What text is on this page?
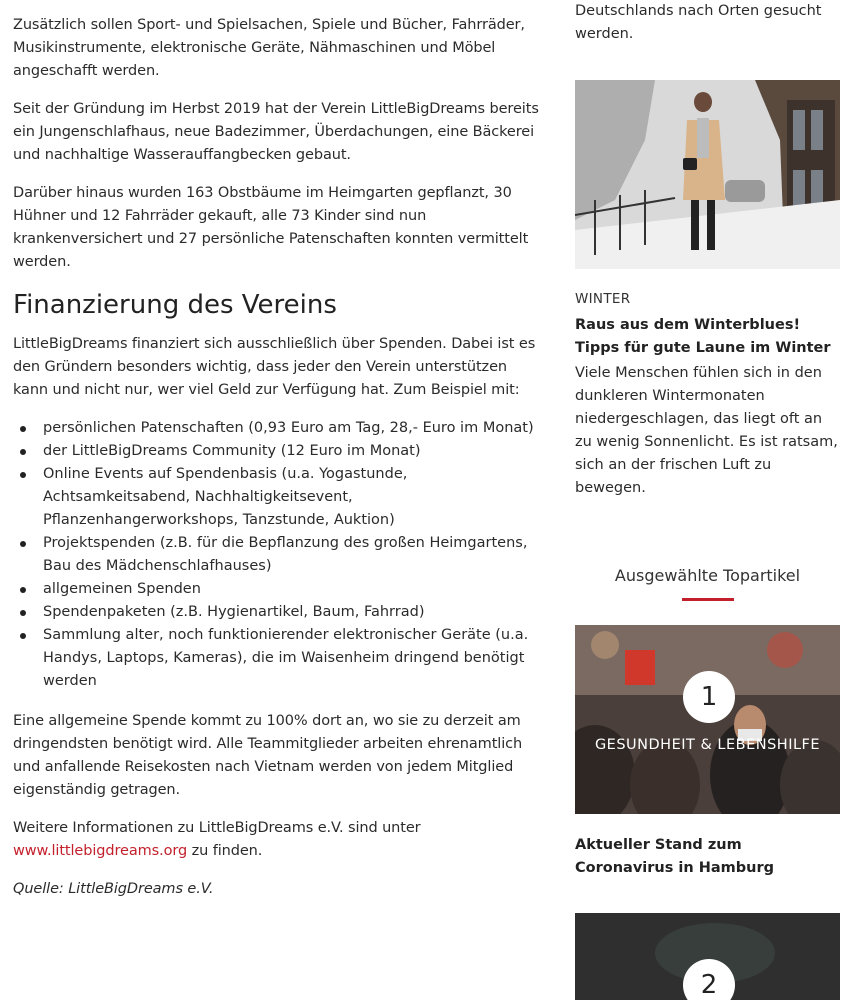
Zusätzlich sollen Sport- und Spielsachen, Spiele und Bücher, Fahrräder, Musikinstrumente, elektronische Geräte, Nähmaschinen und Möbel angeschafft werden.

Seit der Gründung im Herbst 2019 hat der Verein LittleBigDreams bereits ein Jungenschlafhaus, neue Badezimmer, Überdachungen, eine Bäckerei und nachhaltige Wasserauffangbecken gebaut.

Darüber hinaus wurden 163 Obstbäume im Heimgarten gepflanzt, 30 Hühner und 12 Fahrräder gekauft, alle 73 Kinder sind nun krankenversichert und 27 persönliche Patenschaften konnten vermittelt werden.

Finanzierung des Vereins

LittleBigDreams finanziert sich ausschließlich über Spenden. Dabei ist es den Gründern besonders wichtig, dass jeder den Verein unterstützen kann und nicht nur, wer viel Geld zur Verfügung hat. Zum Beispiel mit:

persönlichen Patenschaften (0,93 Euro am Tag, 28,- Euro im Monat)
der LittleBigDreams Community (12 Euro im Monat)
Online Events auf Spendenbasis (u.a. Yogastunde, Achtsamkeitsabend, Nachhaltigkeitsevent, Pflanzenhangerworkshops, Tanzstunde, Auktion)
Projektspenden (z.B. für die Bepflanzung des großen Heimgartens, Bau des Mädchenschlafhauses)
allgemeinen Spenden
Spendenpaketen (z.B. Hygienartikel, Baum, Fahrrad)
Sammlung alter, noch funktionierender elektronischer Geräte (u.a. Handys, Laptops, Kameras), die im Waisenheim dringend benötigt werden

Eine allgemeine Spende kommt zu 100% dort an, wo sie zu derzeit am dringendsten benötigt wird. Alle Teammitglieder arbeiten ehrenamtlich und anfallende Reisekosten nach Vietnam werden von jedem Mitglied eigenständig getragen.

Weitere Informationen zu LittleBigDreams e.V. sind unter
www.littlebigdreams.org zu finden.

Quelle: LittleBigDreams e.V.

Deutschlands nach Orten gesucht werden.

WINTER
Raus aus dem Winterblues! Tipps für gute Laune im Winter

Viele Menschen fühlen sich in den dunkleren Wintermonaten niedergeschlagen, das liegt oft an zu wenig Sonnenlicht. Es ist ratsam, sich an der frischen Luft zu bewegen.

Ausgewählte Topartikel
1
GESUNDHEIT & LEBENSHILFE
Aktueller Stand zum Coronavirus in Hamburg
2
